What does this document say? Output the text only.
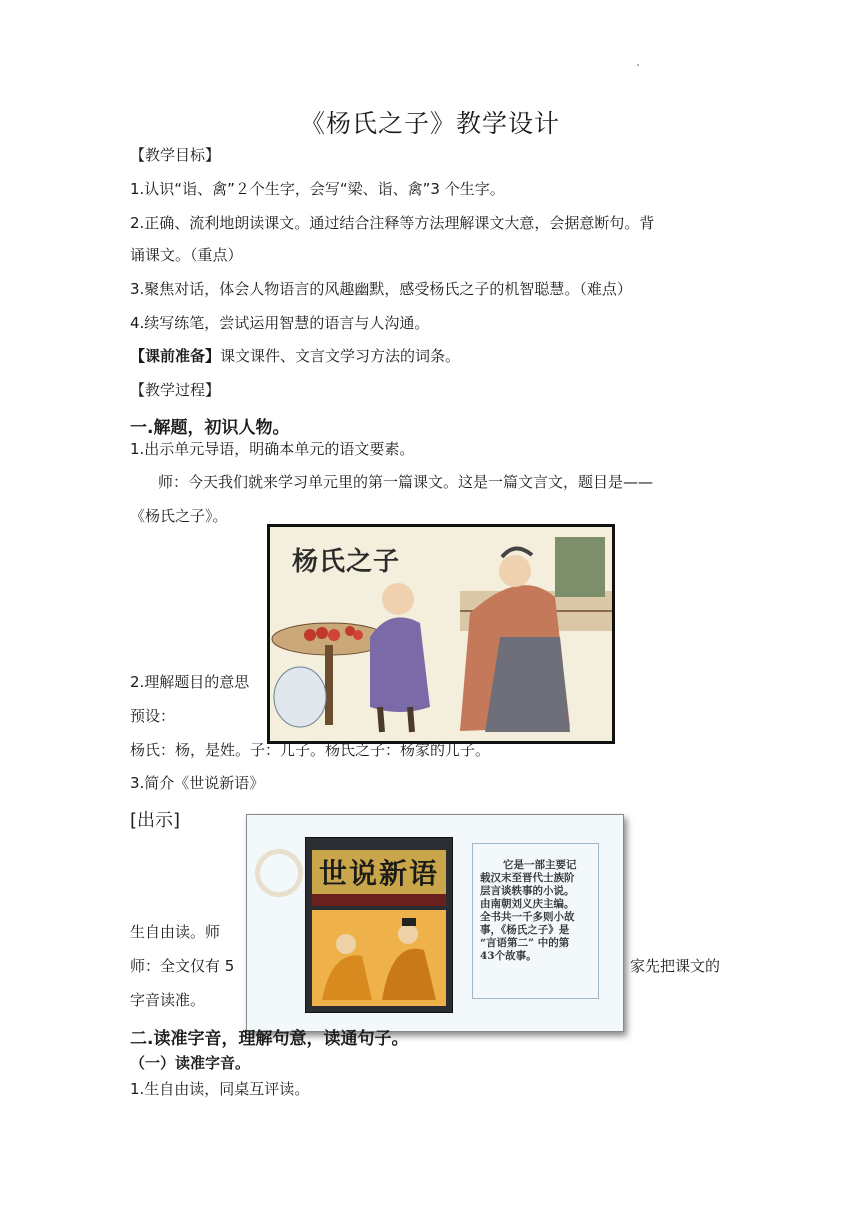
《杨氏之子》教学设计
【教学目标】
1.认识“诣、禽”２个生字，会写“梁、诣、禽”3 个生字。
2.正确、流利地朗读课文。通过结合注释等方法理解课文大意，会据意断句。背
诵课文。（重点）
3.聚焦对话，体会人物语言的风趣幽默，感受杨氏之子的机智聪慧。（难点）
4.续写练笔，尝试运用智慧的语言与人沟通。
【课前准备】课文课件、文言文学习方法的词条。
【教学过程】
一.解题，初识人物。
1.出示单元导语，明确本单元的语文要素。
师：今天我们就来学习单元里的第一篇课文。这是一篇文言文，题目是——
《杨氏之子》。
杨氏之子
2.理解题目的意思
预设：
杨氏：杨，是姓。子：儿子。杨氏之子：杨家的儿子。
3.简介《世说新语》
[出示]
生自由读。师
师：全文仅有 5	家先把课文的
字音读准。
世说新语	它是一部主要记
载汉末至晋代士族阶
层言谈轶事的小说。
由南朝刘义庆主编。
全书共一千多则小故
事，《杨氏之子》是
“言语第二” 中的第
43个故事。
二.读准字音，理解句意，读通句子。
（一）读准字音。
1.生自由读，同桌互评读。
